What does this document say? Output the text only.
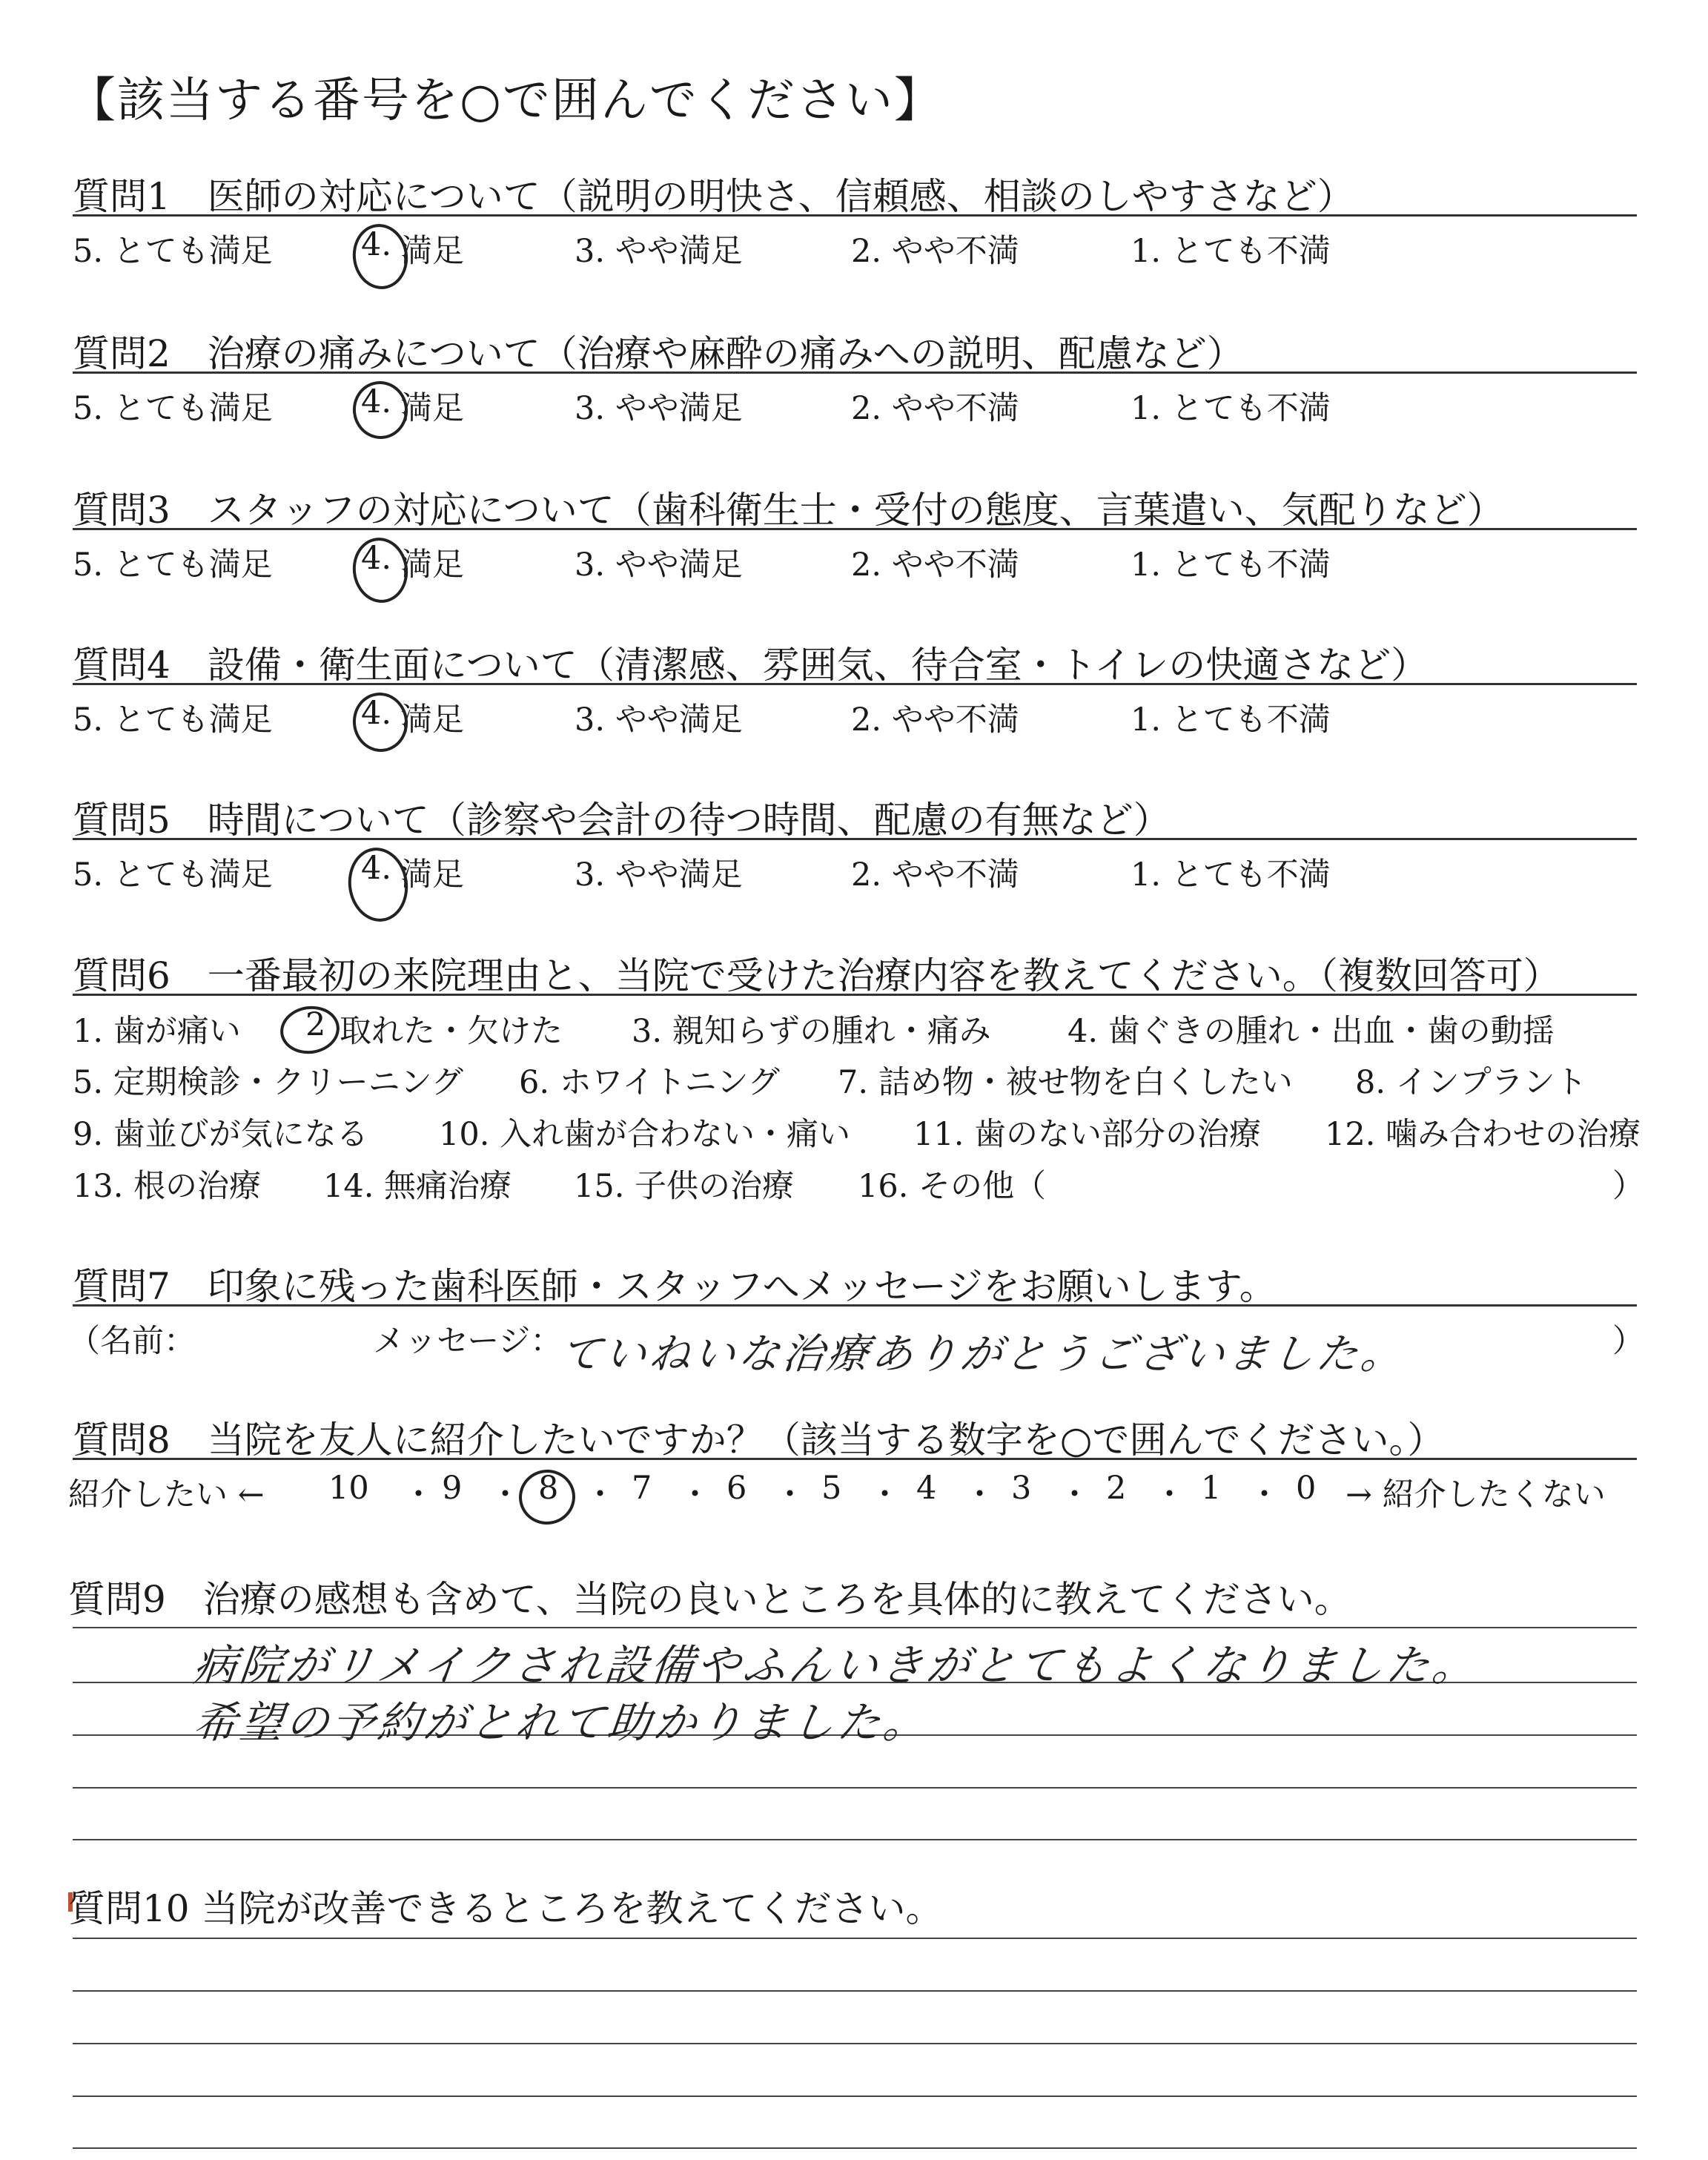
【該当する番号を○で囲んでください】
質問1　医師の対応について（説明の明快さ、信頼感、相談のしやすさなど）
5. とても満足	4. 満足	3. やや満足	2. やや不満	1. とても不満
質問2　治療の痛みについて（治療や麻酔の痛みへの説明、配慮など）
5. とても満足	4. 満足	3. やや満足	2. やや不満	1. とても不満
質問3　スタッフの対応について（歯科衛生士・受付の態度、言葉遣い、気配りなど）
5. とても満足	4. 満足	3. やや満足	2. やや不満	1. とても不満
質問4　設備・衛生面について（清潔感、雰囲気、待合室・トイレの快適さなど）
5. とても満足	4. 満足	3. やや満足	2. やや不満	1. とても不満
質問5　時間について（診察や会計の待つ時間、配慮の有無など）
5. とても満足	4. 満足	3. やや満足	2. やや不満	1. とても不満
質問6　一番最初の来院理由と、当院で受けた治療内容を教えてください。（複数回答可）
1. 歯が痛い 2 取れた・欠けた 3. 親知らずの腫れ・痛み 4. 歯ぐきの腫れ・出血・歯の動揺
5. 定期検診・クリーニング 6. ホワイトニング 7. 詰め物・被せ物を白くしたい 8. インプラント
9. 歯並びが気になる 10. 入れ歯が合わない・痛い 11. 歯のない部分の治療 12. 噛み合わせの治療
13. 根の治療 14. 無痛治療 15. 子供の治療 16. その他（	）
質問7　印象に残った歯科医師・スタッフへメッセージをお願いします。
（名前：	メッセージ：	）
ていねいな治療ありがとうございました。
質問8　当院を友人に紹介したいですか？（該当する数字を○で囲んでください。）
紹介したい ← 10 ・ 9 ・ 8 ・ 7 ・ 6 ・ 5 ・ 4 ・ 3 ・ 2 ・ 1 ・ 0 → 紹介したくない
質問9　治療の感想も含めて、当院の良いところを具体的に教えてください。
病院がリメイクされ設備やふんいきがとてもよくなりました。
希望の予約がとれて助かりました。
質問10 当院が改善できるところを教えてください。
